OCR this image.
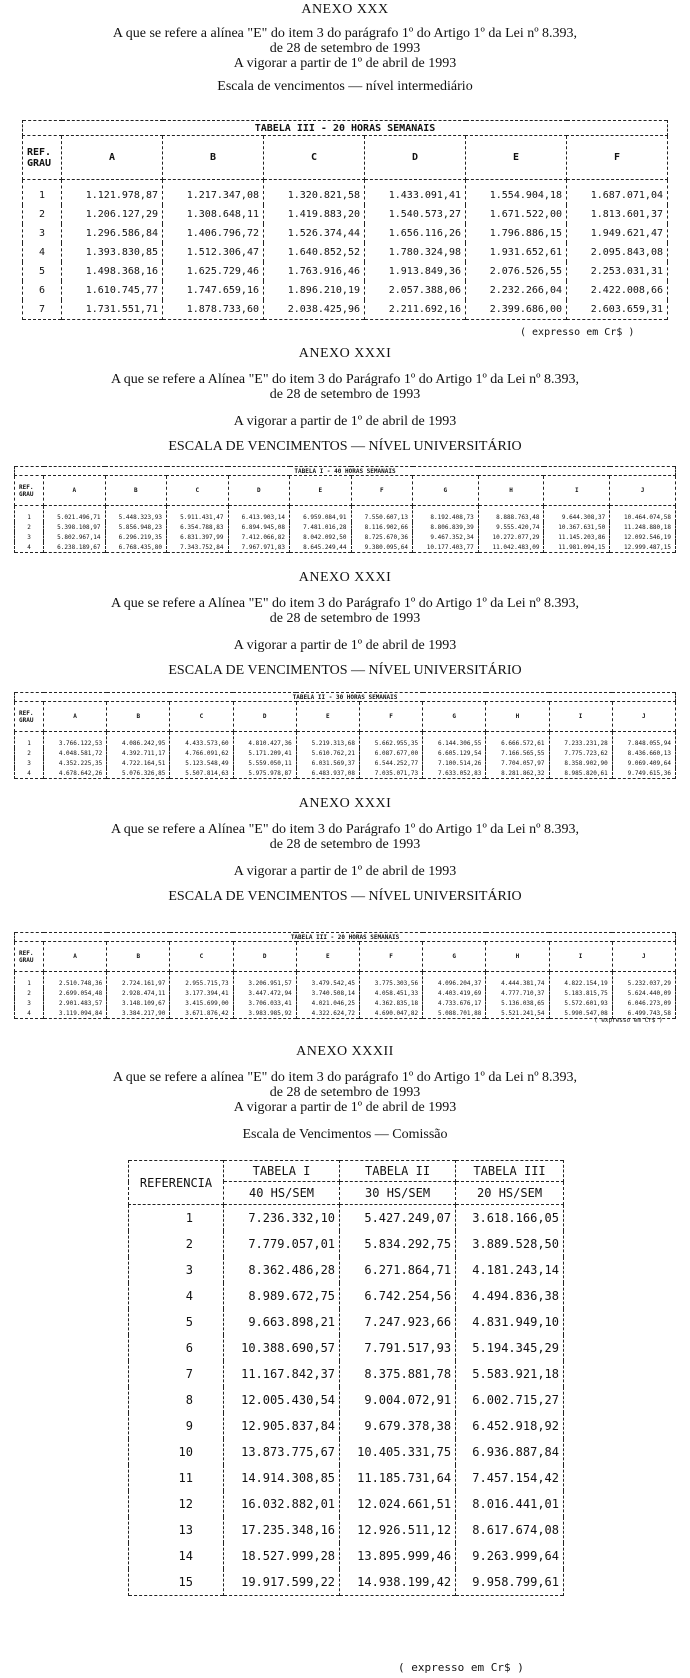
ANEXO XXX
A que se refere a alínea "E" do item 3 do parágrafo 1º do Artigo 1º da Lei nº 8.393,
de 28 de setembro de 1993
A vigorar a partir de 1º de abril de 1993
Escala de vencimentos — nível intermediário
TABELA III - 20 HORAS SEMANAIS						
REF. GRAU	A	B	C	D	E	F
1	1.121.978,87	1.217.347,08	1.320.821,58	1.433.091,41	1.554.904,18	1.687.071,04
2	1.206.127,29	1.308.648,11	1.419.883,20	1.540.573,27	1.671.522,00	1.813.601,37
3	1.296.586,84	1.406.796,72	1.526.374,44	1.656.116,26	1.796.886,15	1.949.621,47
4	1.393.830,85	1.512.306,47	1.640.852,52	1.780.324,98	1.931.652,61	2.095.843,08
5	1.498.368,16	1.625.729,46	1.763.916,46	1.913.849,36	2.076.526,55	2.253.031,31
6	1.610.745,77	1.747.659,16	1.896.210,19	2.057.388,06	2.232.266,04	2.422.008,66
7	1.731.551,71	1.878.733,60	2.038.425,96	2.211.692,16	2.399.686,00	2.603.659,31
( expresso em Cr$ )
ANEXO XXXI
A que se refere a Alínea "E" do item 3 do Parágrafo 1º do Artigo 1º da Lei nº 8.393,
de 28 de setembro de 1993
A vigorar a partir de 1º de abril de 1993
ESCALA DE VENCIMENTOS — NÍVEL UNIVERSITÁRIO
TABELA I - 40 HORAS SEMANAIS										
REF. GRAU	A	B	C	D	E	F	G	H	I	J
1	5.021.496,71	5.448.323,93	5.911.431,47	6.413.903,14	6.959.084,91	7.550.607,13	8.192.408,73	8.888.763,48	9.644.308,37	10.464.074,58
2	5.398.108,97	5.856.948,23	6.354.788,83	6.894.945,08	7.481.016,28	8.116.902,66	8.806.839,39	9.555.420,74	10.367.631,50	11.248.880,18
3	5.802.967,14	6.296.219,35	6.831.397,99	7.412.066,82	8.042.092,50	8.725.670,36	9.467.352,34	10.272.077,29	11.145.203,86	12.092.546,19
4	6.238.189,67	6.768.435,80	7.343.752,84	7.967.971,83	8.645.249,44	9.380.095,64	10.177.403,77	11.042.483,09	11.981.094,15	12.999.487,15
ANEXO XXXI
A que se refere a Alínea "E" do item 3 do Parágrafo 1º do Artigo 1º da Lei nº 8.393,
de 28 de setembro de 1993
A vigorar a partir de 1º de abril de 1993
ESCALA DE VENCIMENTOS — NÍVEL UNIVERSITÁRIO
TABELA II - 30 HORAS SEMANAIS										
REF. GRAU	A	B	C	D	E	F	G	H	I	J
1	3.766.122,53	4.086.242,95	4.433.573,60	4.810.427,36	5.219.313,68	5.662.955,35	6.144.306,55	6.666.572,61	7.233.231,28	7.848.055,94
2	4.048.581,72	4.392.711,17	4.766.091,62	5.171.209,41	5.610.762,21	6.087.677,00	6.605.129,54	7.166.565,55	7.775.723,62	8.436.660,13
3	4.352.225,35	4.722.164,51	5.123.548,49	5.559.050,11	6.031.569,37	6.544.252,77	7.100.514,26	7.704.057,97	8.358.902,90	9.069.409,64
4	4.678.642,26	5.076.326,85	5.507.814,63	5.975.978,87	6.483.937,08	7.035.071,73	7.633.052,83	8.281.862,32	8.985.820,61	9.749.615,36
ANEXO XXXI
A que se refere a Alínea "E" do item 3 do Parágrafo 1º do Artigo 1º da Lei nº 8.393,
de 28 de setembro de 1993
A vigorar a partir de 1º de abril de 1993
ESCALA DE VENCIMENTOS — NÍVEL UNIVERSITÁRIO
TABELA III - 20 HORAS SEMANAIS										
REF. GRAU	A	B	C	D	E	F	G	H	I	J
1	2.510.748,36	2.724.161,97	2.955.715,73	3.206.951,57	3.479.542,45	3.775.303,56	4.096.204,37	4.444.381,74	4.822.154,19	5.232.037,29
2	2.699.054,48	2.928.474,11	3.177.394,41	3.447.472,94	3.740.508,14	4.058.451,33	4.403.419,69	4.777.710,37	5.183.815,75	5.624.440,09
3	2.901.483,57	3.148.109,67	3.415.699,00	3.706.033,41	4.021.046,25	4.362.835,18	4.733.676,17	5.136.038,65	5.572.601,93	6.046.273,09
4	3.119.094,84	3.384.217,90	3.671.876,42	3.983.985,92	4.322.624,72	4.690.047,82	5.088.701,88	5.521.241,54	5.990.547,08	6.499.743,58
( expresso em Cr$ )
ANEXO XXXII
A que se refere a alínea "E" do item 3 do parágrafo 1º do Artigo 1º da Lei nº 8.393,
de 28 de setembro de 1993
A vigorar a partir de 1º de abril de 1993
Escala de Vencimentos — Comissão
REFERENCIA	TABELA I	TABELA II	TABELA III
	40 HS/SEM	30 HS/SEM	20 HS/SEM
1	7.236.332,10	5.427.249,07	3.618.166,05
2	7.779.057,01	5.834.292,75	3.889.528,50
3	8.362.486,28	6.271.864,71	4.181.243,14
4	8.989.672,75	6.742.254,56	4.494.836,38
5	9.663.898,21	7.247.923,66	4.831.949,10
6	10.388.690,57	7.791.517,93	5.194.345,29
7	11.167.842,37	8.375.881,78	5.583.921,18
8	12.005.430,54	9.004.072,91	6.002.715,27
9	12.905.837,84	9.679.378,38	6.452.918,92
10	13.873.775,67	10.405.331,75	6.936.887,84
11	14.914.308,85	11.185.731,64	7.457.154,42
12	16.032.882,01	12.024.661,51	8.016.441,01
13	17.235.348,16	12.926.511,12	8.617.674,08
14	18.527.999,28	13.895.999,46	9.263.999,64
15	19.917.599,22	14.938.199,42	9.958.799,61
( expresso em Cr$ )
